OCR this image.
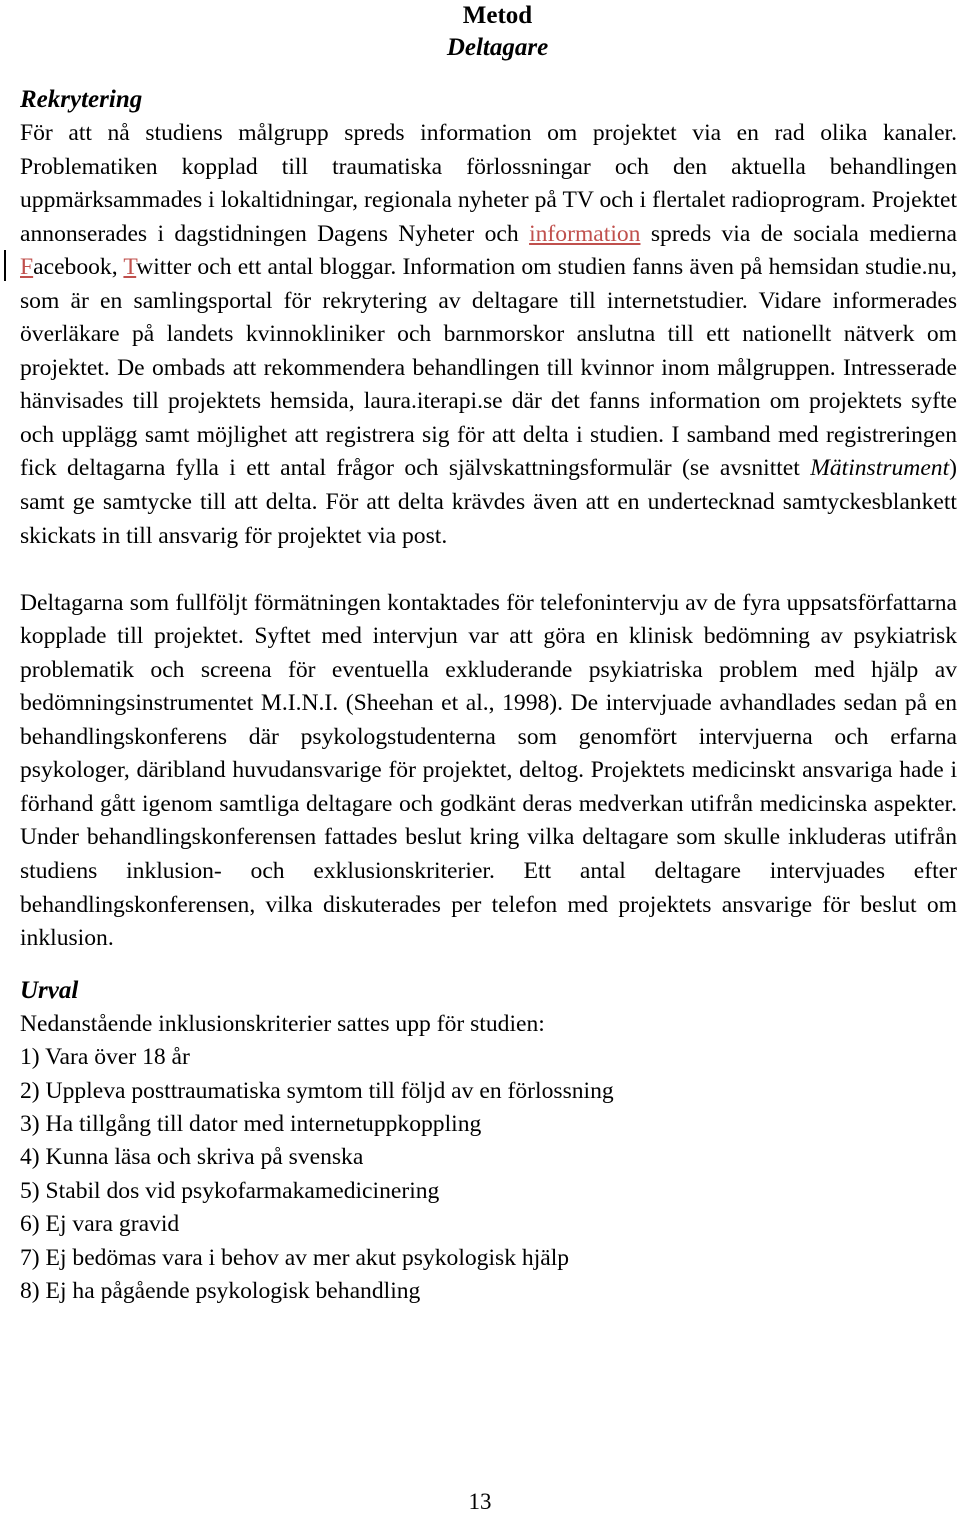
Metod
Deltagare
Rekrytering
För att nå studiens målgrupp spreds information om projektet via en rad olika kanaler. Problematiken kopplad till traumatiska förlossningar och den aktuella behandlingen uppmärksammades i lokaltidningar, regionala nyheter på TV och i flertalet radioprogram. Projektet annonserades i dagstidningen Dagens Nyheter och information spreds via de sociala medierna Facebook, Twitter och ett antal bloggar. Information om studien fanns även på hemsidan studie.nu, som är en samlingsportal för rekrytering av deltagare till internetstudier. Vidare informerades överläkare på landets kvinnokliniker och barnmorskor anslutna till ett nationellt nätverk om projektet. De ombads att rekommendera behandlingen till kvinnor inom målgruppen. Intresserade hänvisades till projektets hemsida, laura.iterapi.se där det fanns information om projektets syfte och upplägg samt möjlighet att registrera sig för att delta i studien. I samband med registreringen fick deltagarna fylla i ett antal frågor och självskattningsformulär (se avsnittet Mätinstrument) samt ge samtycke till att delta. För att delta krävdes även att en undertecknad samtyckesblankett skickats in till ansvarig för projektet via post.
Deltagarna som fullföljt förmätningen kontaktades för telefonintervju av de fyra uppsatsförfattarna kopplade till projektet. Syftet med intervjun var att göra en klinisk bedömning av psykiatrisk problematik och screena för eventuella exkluderande psykiatriska problem med hjälp av bedömningsinstrumentet M.I.N.I. (Sheehan et al., 1998). De intervjuade avhandlades sedan på en behandlingskonferens där psykologstudenterna som genomfört intervjuerna och erfarna psykologer, däribland huvudansvarige för projektet, deltog. Projektets medicinskt ansvariga hade i förhand gått igenom samtliga deltagare och godkänt deras medverkan utifrån medicinska aspekter. Under behandlingskonferensen fattades beslut kring vilka deltagare som skulle inkluderas utifrån studiens inklusion- och exklusionskriterier. Ett antal deltagare intervjuades efter behandlingskonferensen, vilka diskuterades per telefon med projektets ansvarige för beslut om inklusion.
Urval
Nedanstående inklusionskriterier sattes upp för studien:
1) Vara över 18 år
2) Uppleva posttraumatiska symtom till följd av en förlossning
3) Ha tillgång till dator med internetuppkoppling
4) Kunna läsa och skriva på svenska
5) Stabil dos vid psykofarmakamedicinering
6) Ej vara gravid
7) Ej bedömas vara i behov av mer akut psykologisk hjälp
8) Ej ha pågående psykologisk behandling
13
